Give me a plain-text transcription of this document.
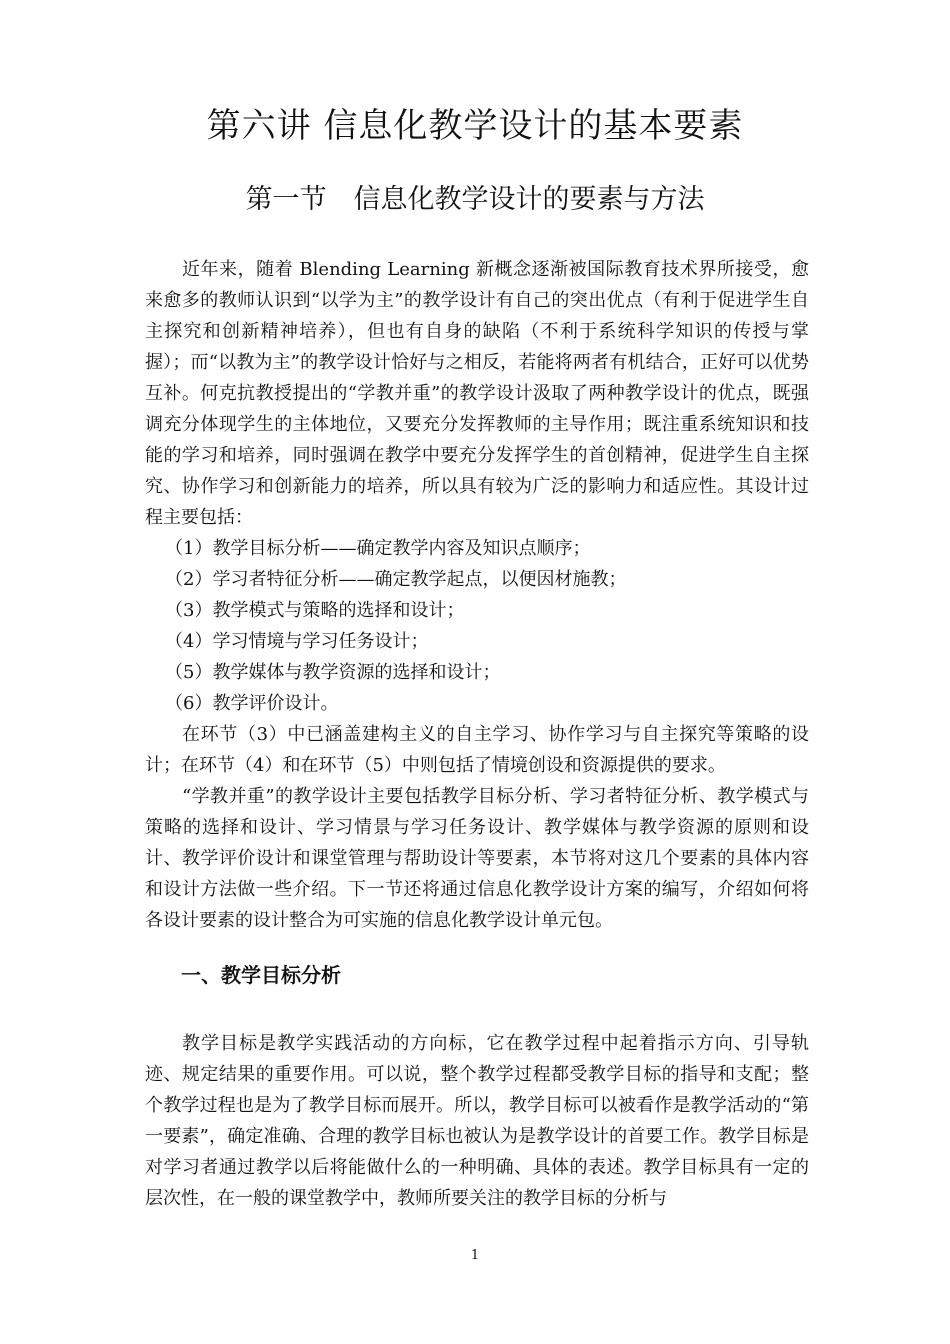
第六讲 信息化教学设计的基本要素
第一节　信息化教学设计的要素与方法

近年来，随着 Blending Learning 新概念逐渐被国际教育技术界所接受，愈来愈多的教师认识到“以学为主”的教学设计有自己的突出优点（有利于促进学生自主探究和创新精神培养），但也有自身的缺陷（不利于系统科学知识的传授与掌握）；而“以教为主”的教学设计恰好与之相反，若能将两者有机结合，正好可以优势互补。何克抗教授提出的“学教并重”的教学设计汲取了两种教学设计的优点，既强调充分体现学生的主体地位，又要充分发挥教师的主导作用；既注重系统知识和技能的学习和培养，同时强调在教学中要充分发挥学生的首创精神，促进学生自主探究、协作学习和创新能力的培养，所以具有较为广泛的影响力和适应性。其设计过程主要包括：

（1）教学目标分析——确定教学内容及知识点顺序；

（2）学习者特征分析——确定教学起点，以便因材施教；

（3）教学模式与策略的选择和设计；

（4）学习情境与学习任务设计；

（5）教学媒体与教学资源的选择和设计；

（6）教学评价设计。

在环节（3）中已涵盖建构主义的自主学习、协作学习与自主探究等策略的设计；在环节（4）和在环节（5）中则包括了情境创设和资源提供的要求。

“学教并重”的教学设计主要包括教学目标分析、学习者特征分析、教学模式与策略的选择和设计、学习情景与学习任务设计、教学媒体与教学资源的原则和设计、教学评价设计和课堂管理与帮助设计等要素，本节将对这几个要素的具体内容和设计方法做一些介绍。下一节还将通过信息化教学设计方案的编写，介绍如何将各设计要素的设计整合为可实施的信息化教学设计单元包。

一、教学目标分析

教学目标是教学实践活动的方向标，它在教学过程中起着指示方向、引导轨迹、规定结果的重要作用。可以说，整个教学过程都受教学目标的指导和支配；整个教学过程也是为了教学目标而展开。所以，教学目标可以被看作是教学活动的“第一要素”，确定准确、合理的教学目标也被认为是教学设计的首要工作。教学目标是对学习者通过教学以后将能做什么的一种明确、具体的表述。教学目标具有一定的层次性，在一般的课堂教学中，教师所要关注的教学目标的分析与

1
